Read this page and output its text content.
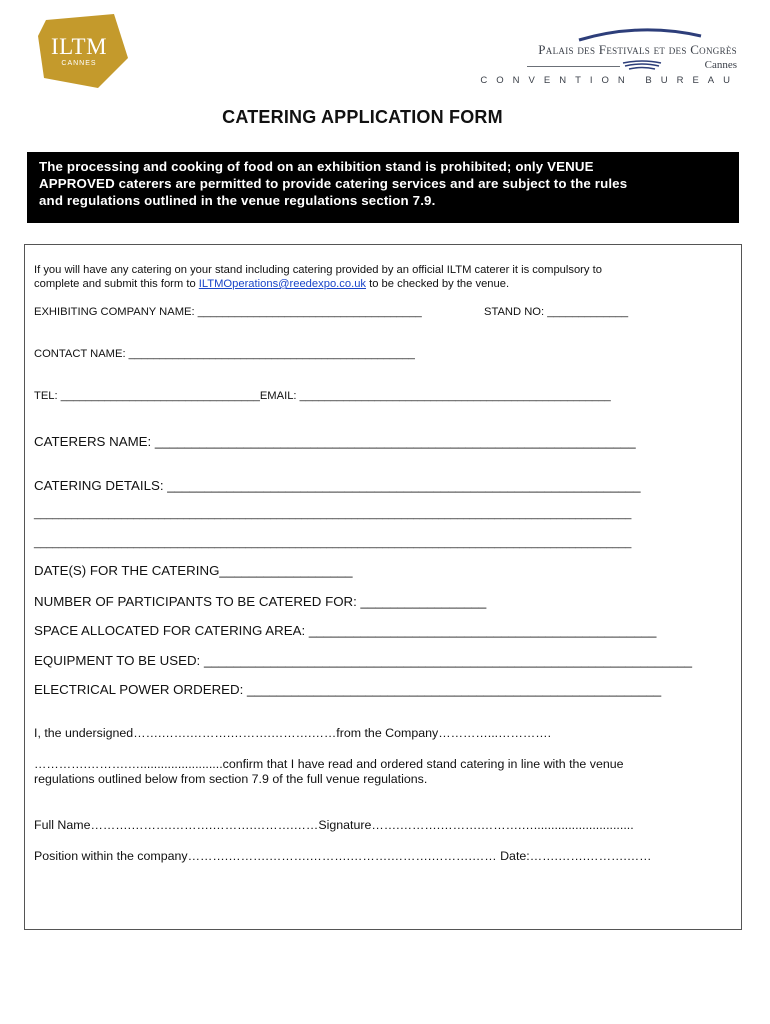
ILTM
CANNES
Palais des Festivals et des Congrès
Cannes
CONVENTION BUREAU
CATERING APPLICATION FORM
The processing and cooking of food on an exhibition stand is prohibited; only VENUE
APPROVED caterers are permitted to provide catering services and are subject to the rules
and regulations outlined in the venue regulations section 7.9.
If you will have any catering on your stand including catering provided by an official ILTM caterer it is compulsory to
complete and submit this form to ILTMOperations@reedexpo.co.uk to be checked by the venue.
EXHIBITING COMPANY NAME: ____________________________________	STAND NO: _____________
CONTACT NAME: ______________________________________________
TEL: ________________________________EMAIL: __________________________________________________
CATERERS NAME: _________________________________________________________________
CATERING DETAILS: ________________________________________________________________
________________________________________________________________________________________________
________________________________________________________________________________________________
DATE(S) FOR THE CATERING__________________
NUMBER OF PARTICIPANTS TO BE CATERED FOR: _________________
SPACE ALLOCATED FOR CATERING AREA: _______________________________________________
EQUIPMENT TO BE USED: __________________________________________________________________
ELECTRICAL POWER ORDERED: ________________________________________________________
I, the undersigned…….…….……….……….……….……from the Company…………...………….
………….……….…........................confirm that I have read and ordered stand catering in line with the venue
regulations outlined below from section 7.9 of the full venue regulations.
Full Name……….……….……….……….……….……Signature…….……….……….……….….............................
Position within the company……….……….……….……….……….……….……….…… Date:…….…….……….……
